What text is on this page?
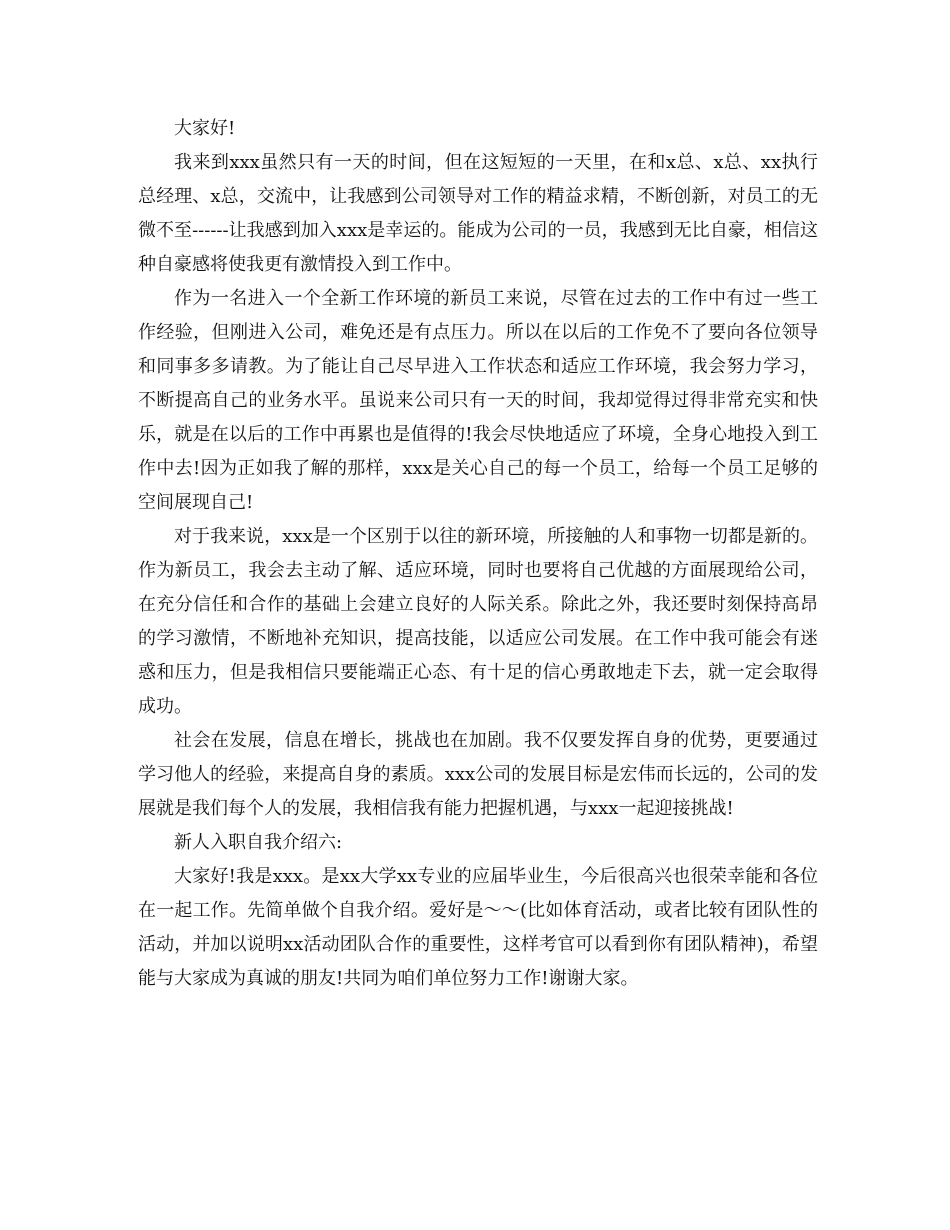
大家好!

我来到xxx虽然只有一天的时间，但在这短短的一天里，在和x总、x总、xx执行总经理、x总，交流中，让我感到公司领导对工作的精益求精，不断创新，对员工的无微不至------让我感到加入xxx是幸运的。能成为公司的一员，我感到无比自豪，相信这种自豪感将使我更有激情投入到工作中。

作为一名进入一个全新工作环境的新员工来说，尽管在过去的工作中有过一些工作经验，但刚进入公司，难免还是有点压力。所以在以后的工作免不了要向各位领导和同事多多请教。为了能让自己尽早进入工作状态和适应工作环境，我会努力学习，不断提高自己的业务水平。虽说来公司只有一天的时间，我却觉得过得非常充实和快乐，就是在以后的工作中再累也是值得的!我会尽快地适应了环境，全身心地投入到工作中去!因为正如我了解的那样，xxx是关心自己的每一个员工，给每一个员工足够的空间展现自己!

对于我来说，xxx是一个区别于以往的新环境，所接触的人和事物一切都是新的。作为新员工，我会去主动了解、适应环境，同时也要将自己优越的方面展现给公司，在充分信任和合作的基础上会建立良好的人际关系。除此之外，我还要时刻保持高昂的学习激情，不断地补充知识，提高技能，以适应公司发展。在工作中我可能会有迷惑和压力，但是我相信只要能端正心态、有十足的信心勇敢地走下去，就一定会取得成功。

社会在发展，信息在增长，挑战也在加剧。我不仅要发挥自身的优势，更要通过学习他人的经验，来提高自身的素质。xxx公司的发展目标是宏伟而长远的，公司的发展就是我们每个人的发展，我相信我有能力把握机遇，与xxx一起迎接挑战!

新人入职自我介绍六:

大家好!我是xxx。是xx大学xx专业的应届毕业生，今后很高兴也很荣幸能和各位在一起工作。先简单做个自我介绍。爱好是～～(比如体育活动，或者比较有团队性的活动，并加以说明xx活动团队合作的重要性，这样考官可以看到你有团队精神)，希望能与大家成为真诚的朋友!共同为咱们单位努力工作!谢谢大家。
